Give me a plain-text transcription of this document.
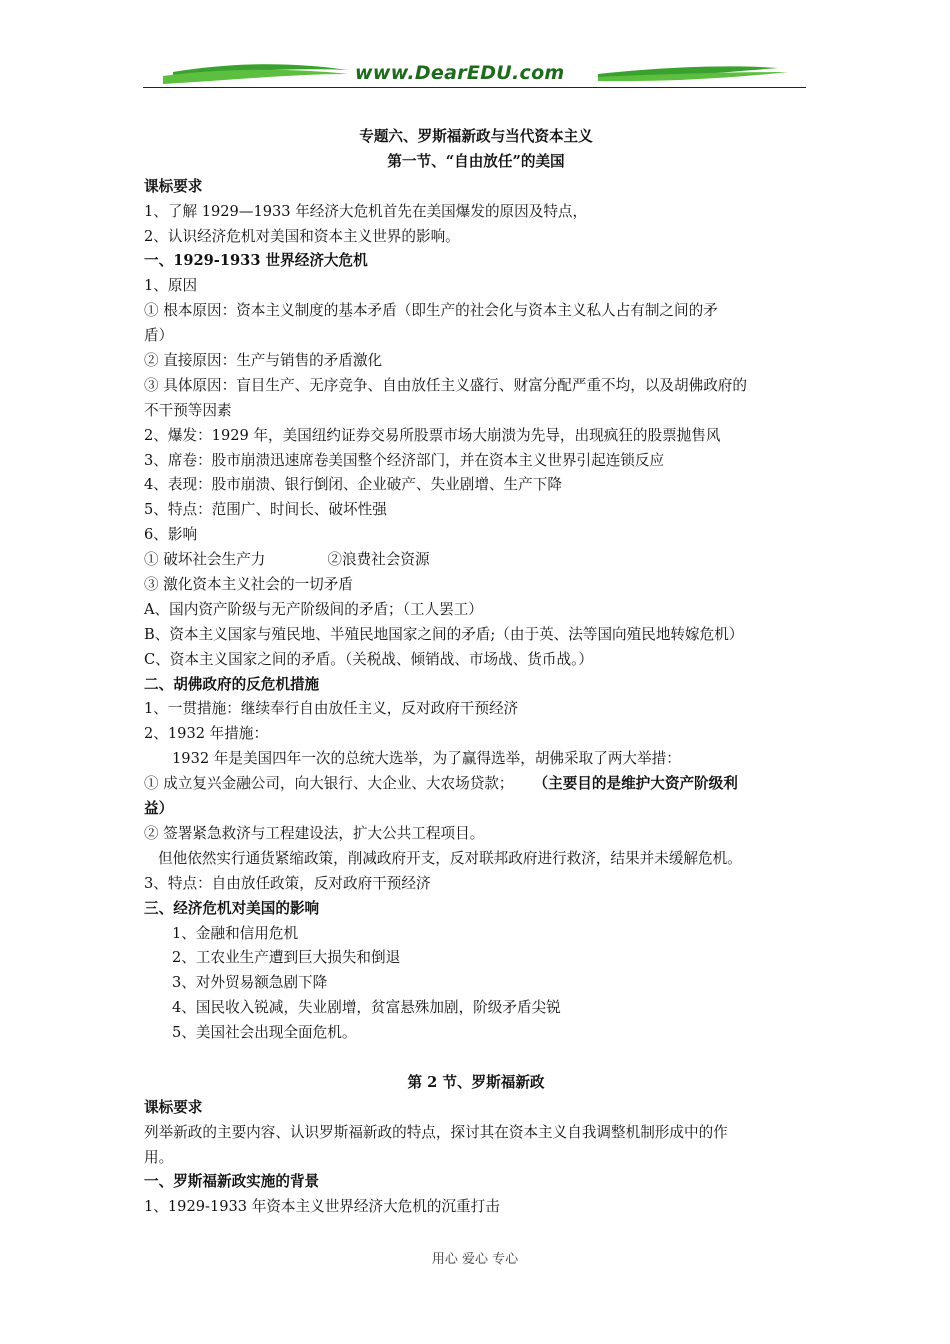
www.DearEDU.com
专题六、罗斯福新政与当代资本主义
第一节、“自由放任”的美国
课标要求
1、了解 1929—1933 年经济大危机首先在美国爆发的原因及特点，
2、认识经济危机对美国和资本主义世界的影响。
一、1929-1933 世界经济大危机
1、原因
① 根本原因：资本主义制度的基本矛盾（即生产的社会化与资本主义私人占有制之间的矛
盾）
② 直接原因：生产与销售的矛盾激化
③ 具体原因：盲目生产、无序竞争、自由放任主义盛行、财富分配严重不均，以及胡佛政府的
不干预等因素
2、爆发：1929 年，美国纽约证券交易所股票市场大崩溃为先导，出现疯狂的股票抛售风
3、席卷：股市崩溃迅速席卷美国整个经济部门，并在资本主义世界引起连锁反应
4、表现：股市崩溃、银行倒闭、企业破产、失业剧增、生产下降
5、特点：范围广、时间长、破坏性强
6、影响
① 破坏社会生产力	②浪费社会资源
③ 激化资本主义社会的一切矛盾
A、国内资产阶级与无产阶级间的矛盾；（工人罢工）
B、资本主义国家与殖民地、半殖民地国家之间的矛盾;（由于英、法等国向殖民地转嫁危机）
C、资本主义国家之间的矛盾。（关税战、倾销战、市场战、货币战。）
二、胡佛政府的反危机措施
1、一贯措施：继续奉行自由放任主义，反对政府干预经济
2、1932 年措施：
1932 年是美国四年一次的总统大选举，为了赢得选举，胡佛采取了两大举措：
① 成立复兴金融公司，向大银行、大企业、大农场贷款； （主要目的是维护大资产阶级利
益）
② 签署紧急救济与工程建设法，扩大公共工程项目。
但他依然实行通货紧缩政策，削减政府开支，反对联邦政府进行救济，结果并未缓解危机。
3、特点：自由放任政策，反对政府干预经济
三、经济危机对美国的影响
1、金融和信用危机
2、工农业生产遭到巨大损失和倒退
3、对外贸易额急剧下降
4、国民收入锐减，失业剧增，贫富悬殊加剧，阶级矛盾尖锐
5、美国社会出现全面危机。
第 2 节、罗斯福新政
课标要求
列举新政的主要内容、认识罗斯福新政的特点，探讨其在资本主义自我调整机制形成中的作
用。
一、罗斯福新政实施的背景
1、1929-1933 年资本主义世界经济大危机的沉重打击
用心 爱心 专心
